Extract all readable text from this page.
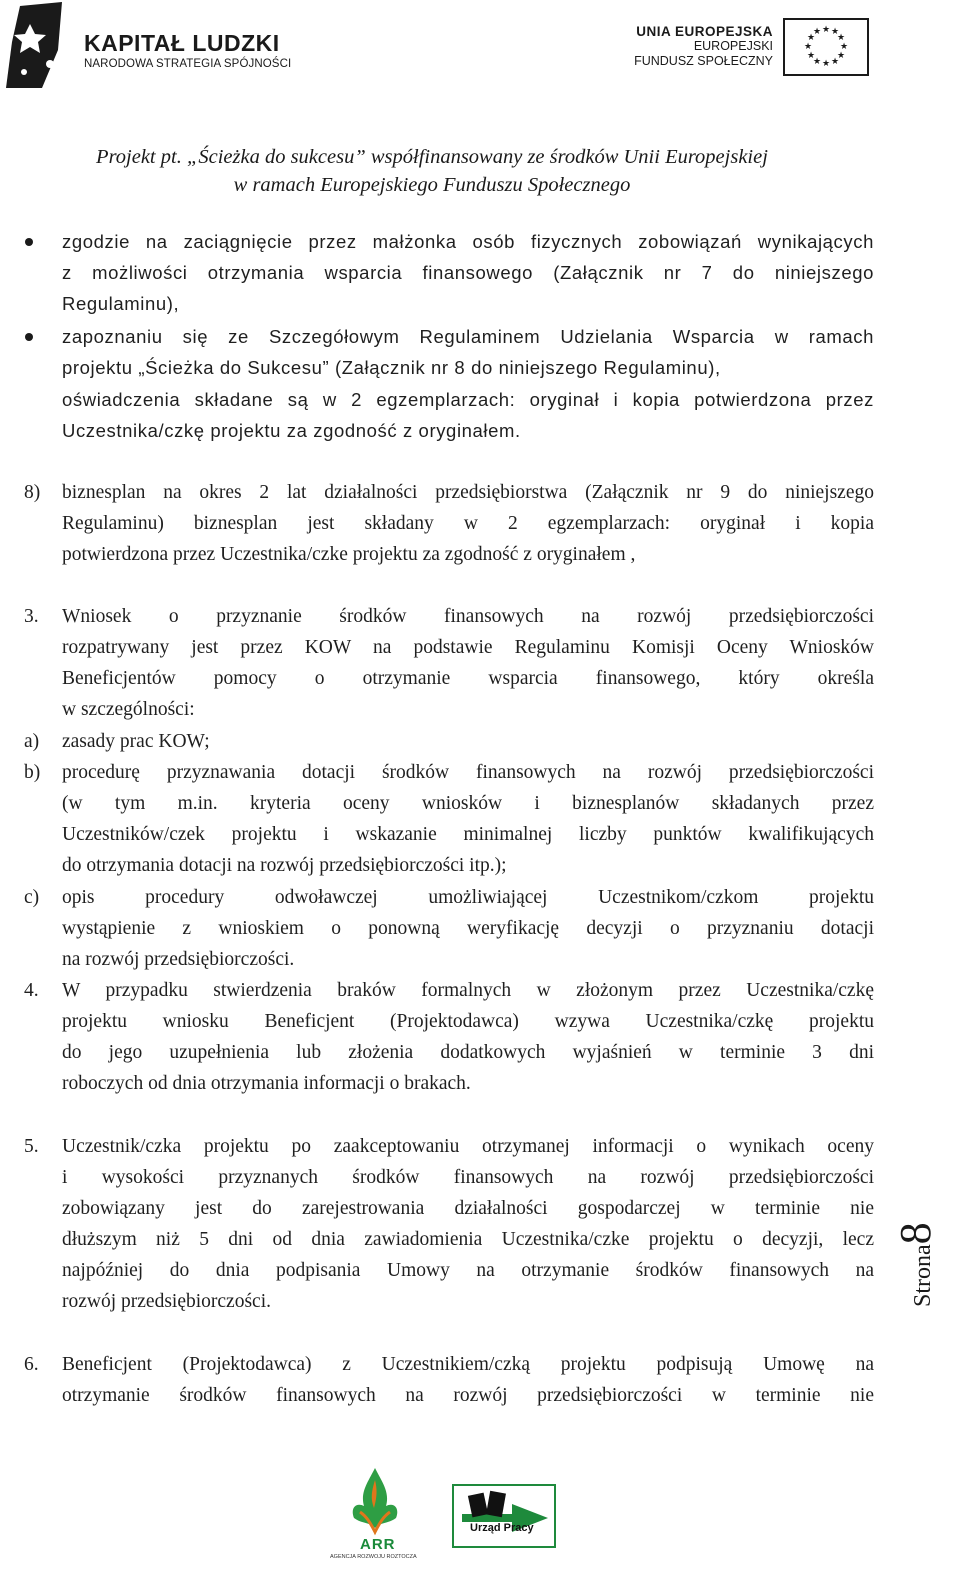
KAPITAŁ LUDZKI
NARODOWA STRATEGIA SPÓJNOŚCI
UNIA EUROPEJSKA
EUROPEJSKI
FUNDUSZ SPOŁECZNY
★ ★
★
★
★
★
★
★
★
★
★
★
Projekt pt. „Ścieżka do sukcesu” współfinansowany ze środków Unii Europejskiej
w ramach Europejskiego Funduszu Społecznego
zgodzie na zaciągnięcie przez małżonka osób fizycznych zobowiązań wynikających
z możliwości otrzymania wsparcia finansowego (Załącznik nr 7 do niniejszego
Regulaminu),
zapoznaniu się ze Szczegółowym Regulaminem Udzielania Wsparcia w ramach
projektu „Ścieżka do Sukcesu” (Załącznik nr 8 do niniejszego Regulaminu),
oświadczenia składane są w 2 egzemplarzach: oryginał i kopia potwierdzona przez
Uczestnika/czkę projektu za zgodność z oryginałem.
8) biznesplan na okres 2 lat działalności przedsiębiorstwa (Załącznik nr 9 do niniejszego
Regulaminu) biznesplan jest składany w 2 egzemplarzach: oryginał i kopia
potwierdzona przez Uczestnika/czke projektu za zgodność z oryginałem ,
3. Wniosek o przyznanie środków finansowych na rozwój przedsiębiorczości
rozpatrywany jest przez KOW na podstawie Regulaminu Komisji Oceny Wniosków
Beneficjentów pomocy o otrzymanie wsparcia finansowego, który określa
w szczególności:
a) zasady prac KOW;
b) procedurę przyznawania dotacji środków finansowych na rozwój przedsiębiorczości
(w tym m.in. kryteria oceny wniosków i biznesplanów składanych przez
Uczestników/czek projektu i wskazanie minimalnej liczby punktów kwalifikujących
do otrzymania dotacji na rozwój przedsiębiorczości itp.);
c) opis procedury odwoławczej umożliwiającej Uczestnikom/czkom projektu
wystąpienie z wnioskiem o ponowną weryfikację decyzji o przyznaniu dotacji
na rozwój przedsiębiorczości.
4. W przypadku stwierdzenia braków formalnych w złożonym przez Uczestnika/czkę
projektu wniosku Beneficjent (Projektodawca) wzywa Uczestnika/czkę projektu
do jego uzupełnienia lub złożenia dodatkowych wyjaśnień w terminie 3 dni
roboczych od dnia otrzymania informacji o brakach.
5. Uczestnik/czka projektu po zaakceptowaniu otrzymanej informacji o wynikach oceny
i wysokości przyznanych środków finansowych na rozwój przedsiębiorczości
zobowiązany jest do zarejestrowania działalności gospodarczej w terminie nie
dłuższym niż 5 dni od dnia zawiadomienia Uczestnika/czke projektu o decyzji, lecz
najpóźniej do dnia podpisania Umowy na otrzymanie środków finansowych na
rozwój przedsiębiorczości.
6. Beneficjent (Projektodawca) z Uczestnikiem/czką projektu podpisują Umowę na
otrzymanie środków finansowych na rozwój przedsiębiorczości w terminie nie
Strona8
ARR
AGENCJA ROZWOJU ROZTOCZA
Urząd Pracy
